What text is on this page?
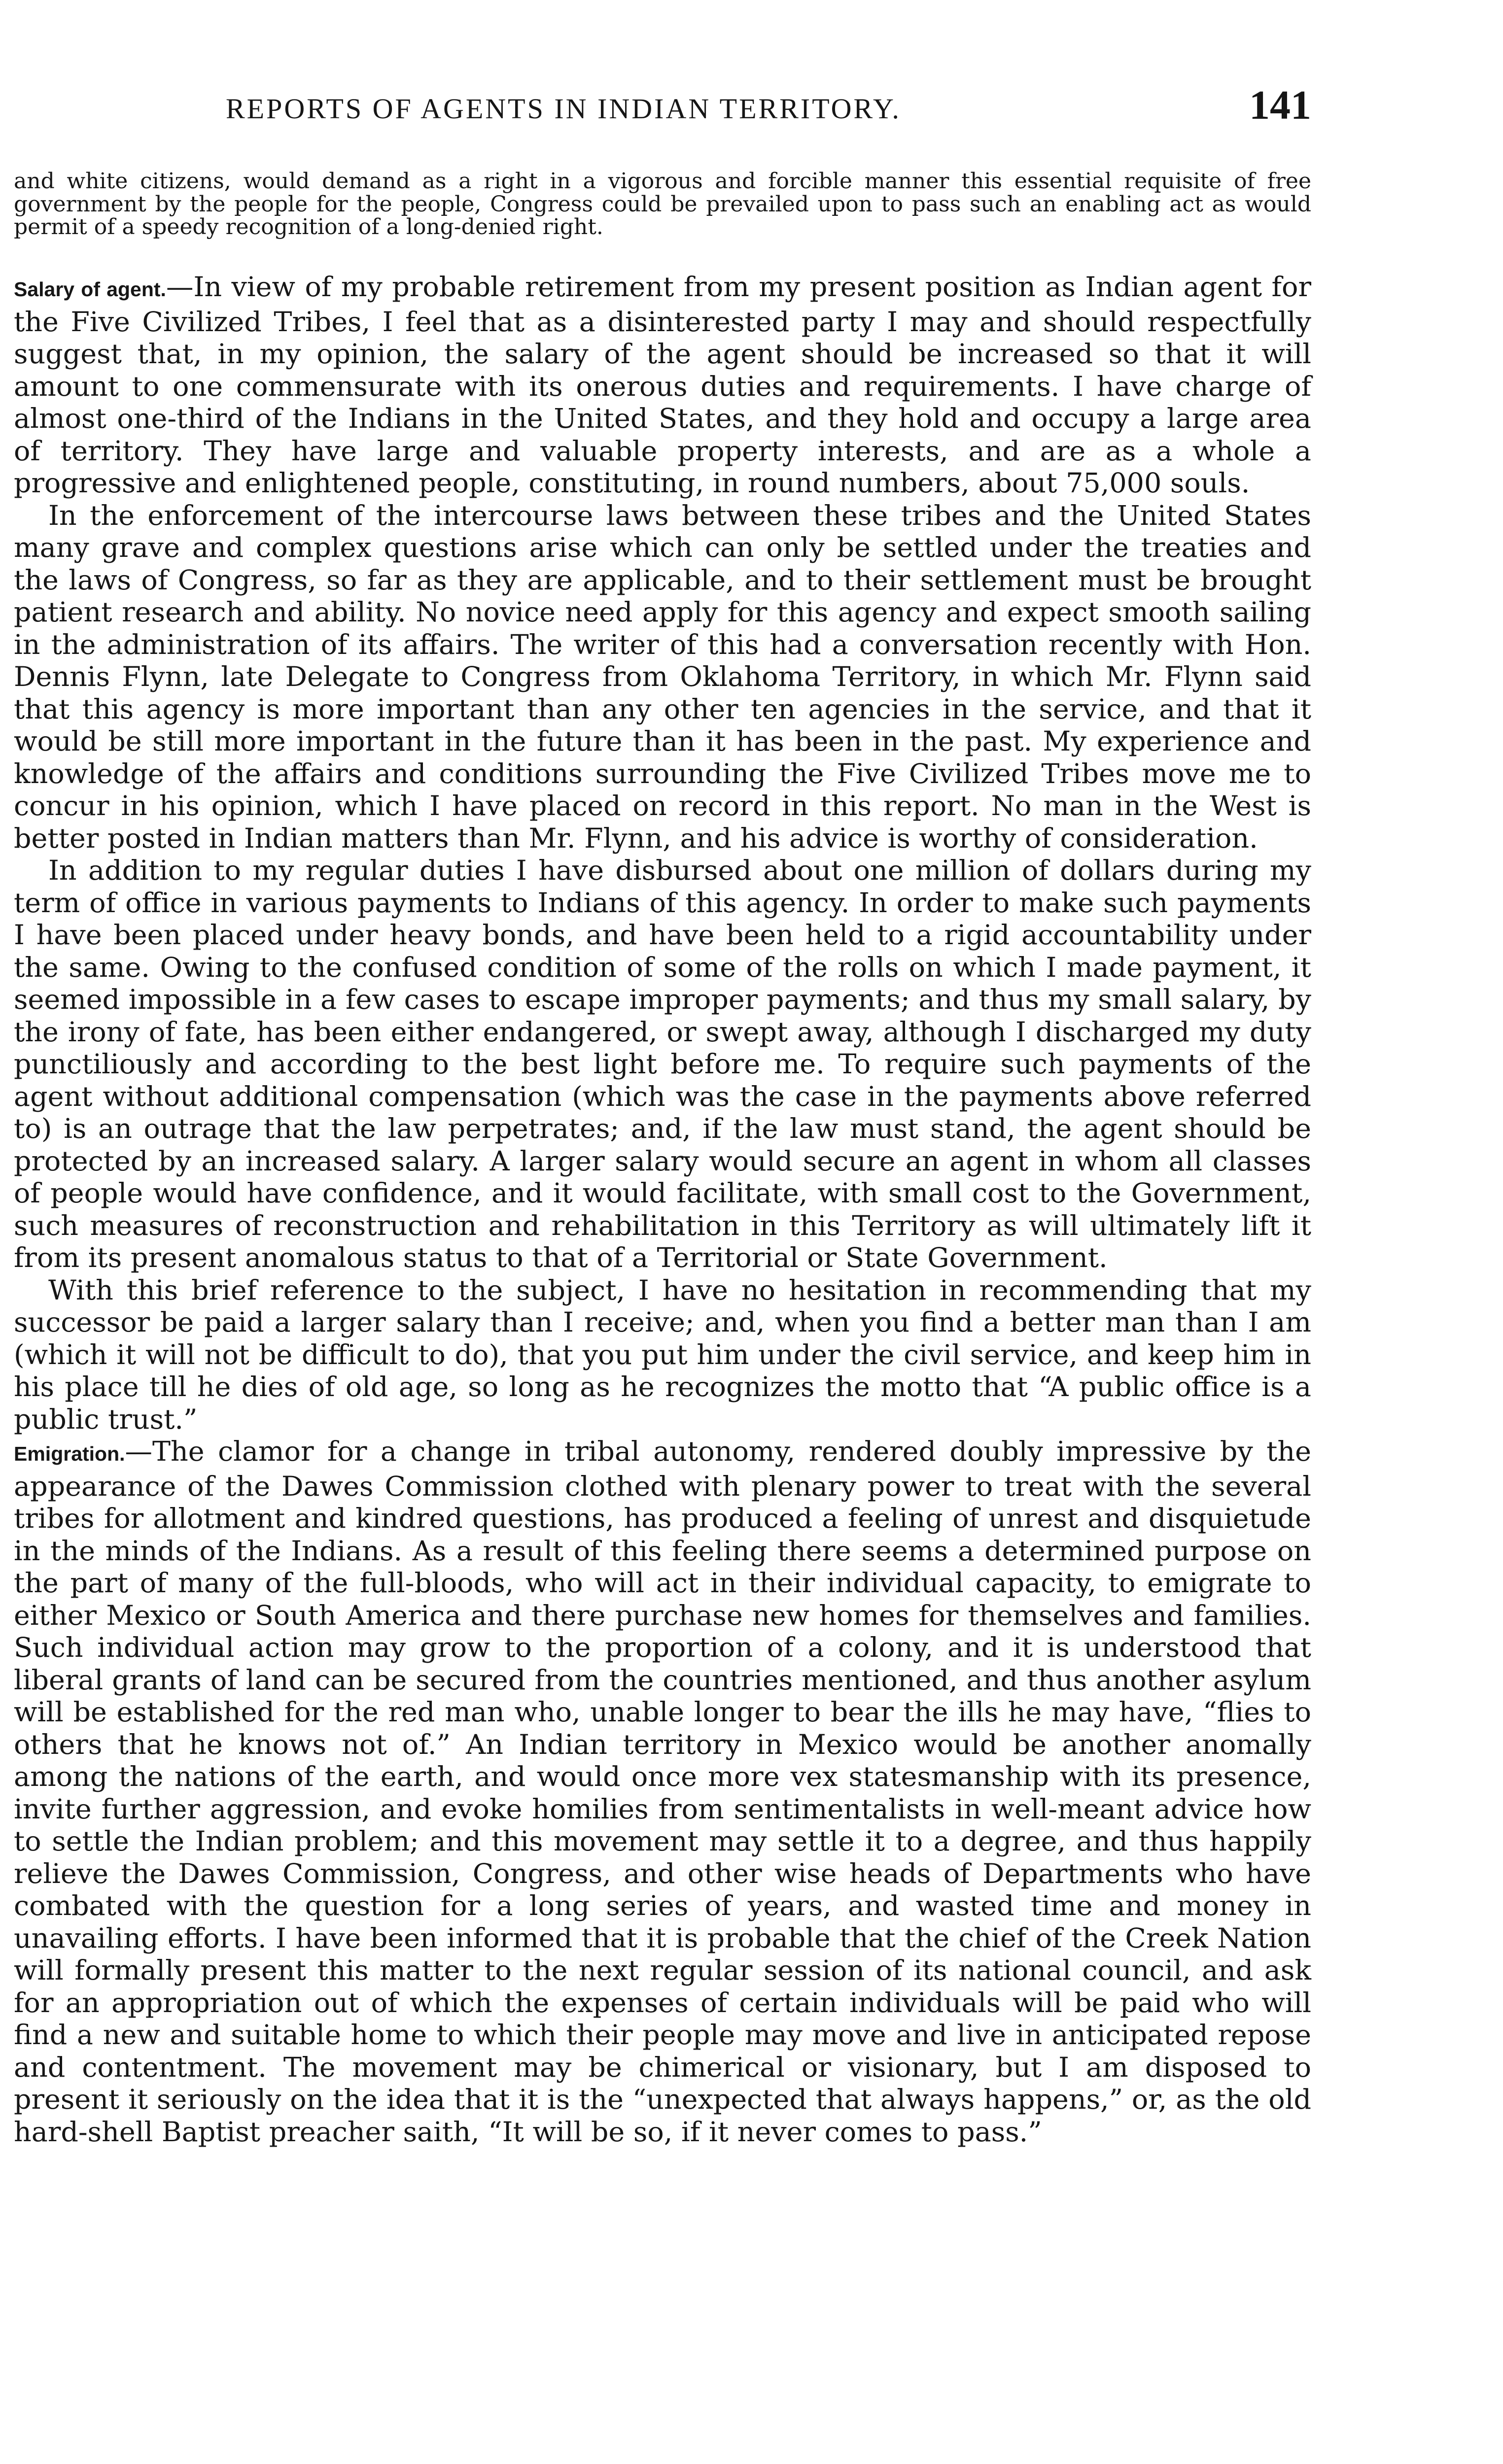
REPORTS OF AGENTS IN INDIAN TERRITORY.	141

and white citizens, would demand as a right in a vigorous and forcible manner this essential requisite of free government by the people for the people, Congress could be prevailed upon to pass such an enabling act as would permit of a speedy recognition of a long-denied right.

Salary of agent.—In view of my probable retirement from my present position as Indian agent for the Five Civilized Tribes, I feel that as a disinterested party I may and should respectfully suggest that, in my opinion, the salary of the agent should be increased so that it will amount to one commensurate with its onerous duties and requirements. I have charge of almost one-third of the Indians in the United States, and they hold and occupy a large area of territory. They have large and valuable property interests, and are as a whole a progressive and enlightened people, constituting, in round numbers, about 75,000 souls.

In the enforcement of the intercourse laws between these tribes and the United States many grave and complex questions arise which can only be settled under the treaties and the laws of Congress, so far as they are applicable, and to their settlement must be brought patient research and ability. No novice need apply for this agency and expect smooth sailing in the administration of its affairs. The writer of this had a conversation recently with Hon. Dennis Flynn, late Delegate to Congress from Oklahoma Territory, in which Mr. Flynn said that this agency is more important than any other ten agencies in the service, and that it would be still more important in the future than it has been in the past. My experience and knowledge of the affairs and conditions surrounding the Five Civilized Tribes move me to concur in his opinion, which I have placed on record in this report. No man in the West is better posted in Indian matters than Mr. Flynn, and his advice is worthy of consideration.

In addition to my regular duties I have disbursed about one million of dollars during my term of office in various payments to Indians of this agency. In order to make such payments I have been placed under heavy bonds, and have been held to a rigid accountability under the same. Owing to the confused condition of some of the rolls on which I made payment, it seemed impossible in a few cases to escape improper payments; and thus my small salary, by the irony of fate, has been either endangered, or swept away, although I discharged my duty punctiliously and according to the best light before me. To require such payments of the agent without additional compensation (which was the case in the payments above referred to) is an outrage that the law perpetrates; and, if the law must stand, the agent should be protected by an increased salary. A larger salary would secure an agent in whom all classes of people would have confidence, and it would facilitate, with small cost to the Government, such measures of reconstruction and rehabilitation in this Territory as will ultimately lift it from its present anomalous status to that of a Territorial or State Government.

With this brief reference to the subject, I have no hesitation in recommending that my successor be paid a larger salary than I receive; and, when you find a better man than I am (which it will not be difficult to do), that you put him under the civil service, and keep him in his place till he dies of old age, so long as he recognizes the motto that “A public office is a public trust.”

Emigration.—The clamor for a change in tribal autonomy, rendered doubly impressive by the appearance of the Dawes Commission clothed with plenary power to treat with the several tribes for allotment and kindred questions, has produced a feeling of unrest and disquietude in the minds of the Indians. As a result of this feeling there seems a determined purpose on the part of many of the full-bloods, who will act in their individual capacity, to emigrate to either Mexico or South America and there purchase new homes for themselves and families. Such individual action may grow to the proportion of a colony, and it is understood that liberal grants of land can be secured from the countries mentioned, and thus another asylum will be established for the red man who, unable longer to bear the ills he may have, “flies to others that he knows not of.” An Indian territory in Mexico would be another anomally among the nations of the earth, and would once more vex statesmanship with its presence, invite further aggression, and evoke homilies from sentimentalists in well-meant advice how to settle the Indian problem; and this movement may settle it to a degree, and thus happily relieve the Dawes Commission, Congress, and other wise heads of Departments who have combated with the question for a long series of years, and wasted time and money in unavailing efforts. I have been informed that it is probable that the chief of the Creek Nation will formally present this matter to the next regular session of its national council, and ask for an appropriation out of which the expenses of certain individuals will be paid who will find a new and suitable home to which their people may move and live in anticipated repose and contentment. The movement may be chimerical or visionary, but I am disposed to present it seriously on the idea that it is the “unexpected that always happens,” or, as the old hard-shell Baptist preacher saith, “It will be so, if it never comes to pass.”
